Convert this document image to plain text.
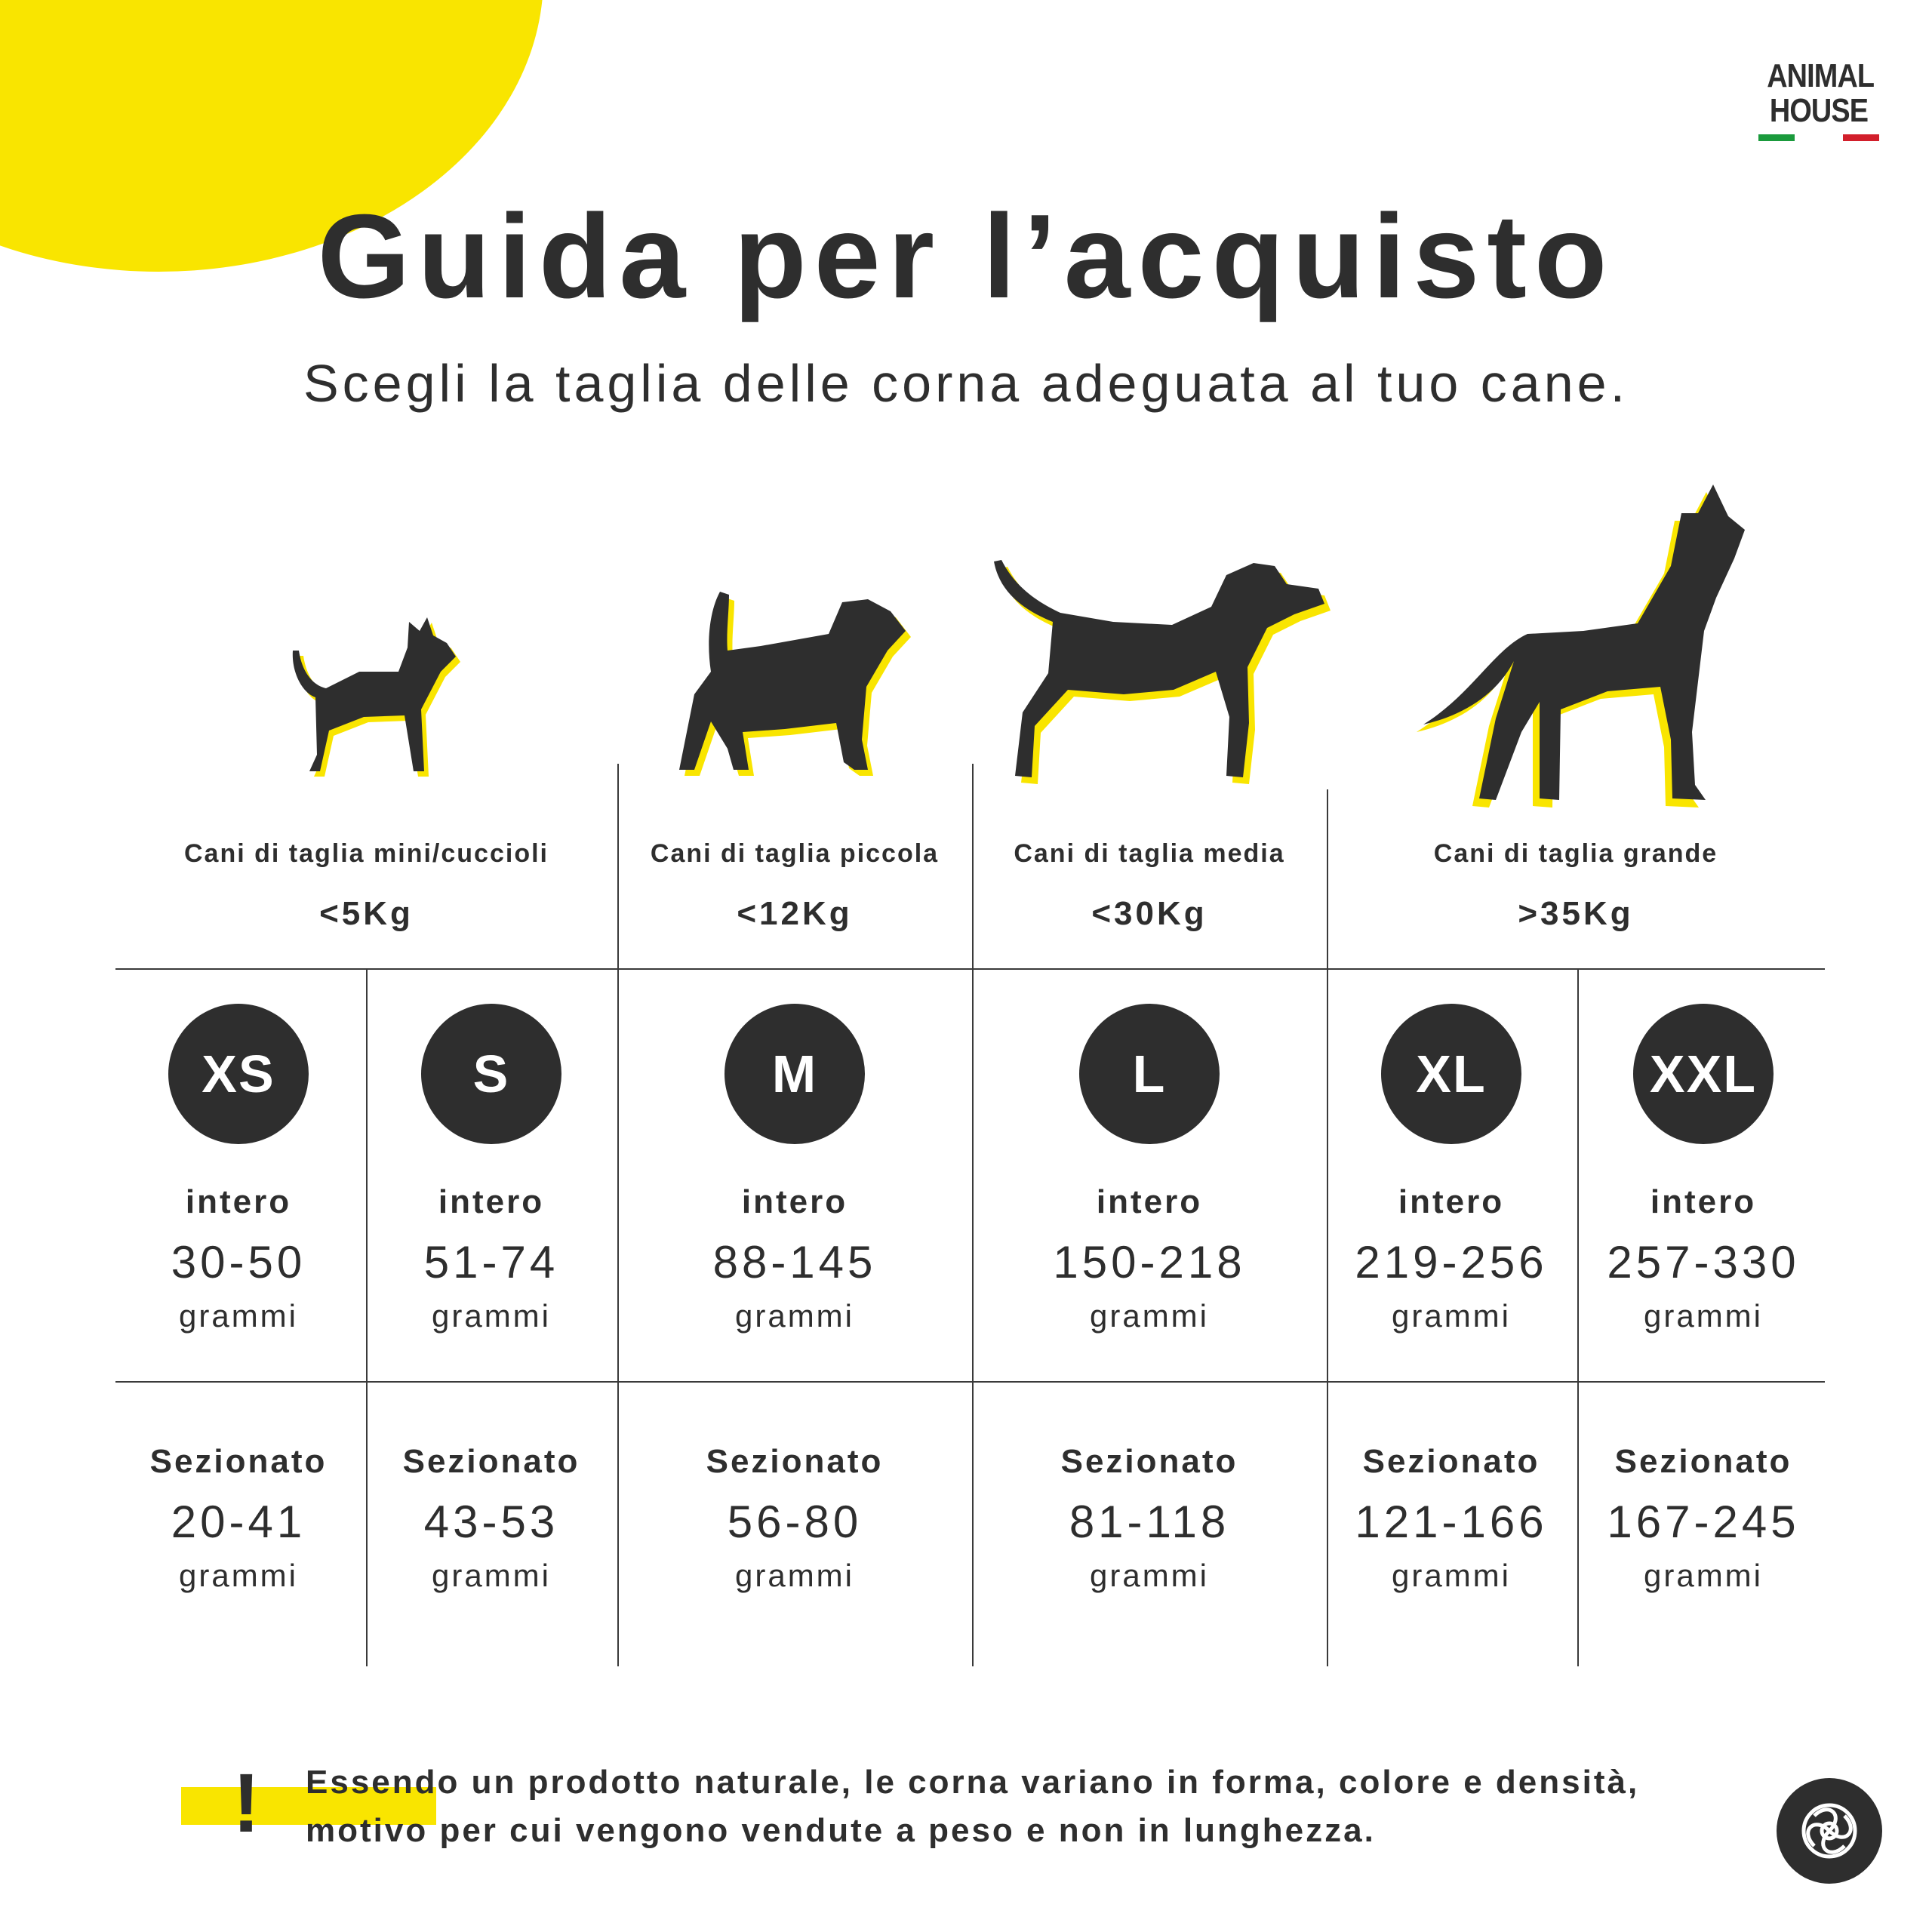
ANIMAL
HOUSE
Guida per l’acquisto
Scegli la taglia delle corna adeguata al tuo cane.
Cani di taglia mini/cuccioli
<5Kg
Cani di taglia piccola
<12Kg
Cani di taglia media
<30Kg
Cani di taglia grande
>35Kg
XS
intero
30-50
grammi
Sezionato
20-41
grammi
S
intero
51-74
grammi
Sezionato
43-53
grammi
M
intero
88-145
grammi
Sezionato
56-80
grammi
L
intero
150-218
grammi
Sezionato
81-118
grammi
XL
intero
219-256
grammi
Sezionato
121-166
grammi
XXL
intero
257-330
grammi
Sezionato
167-245
grammi
! Essendo un prodotto naturale, le corna variano in forma, colore e densità,
motivo per cui vengono vendute a peso e non in lunghezza.
